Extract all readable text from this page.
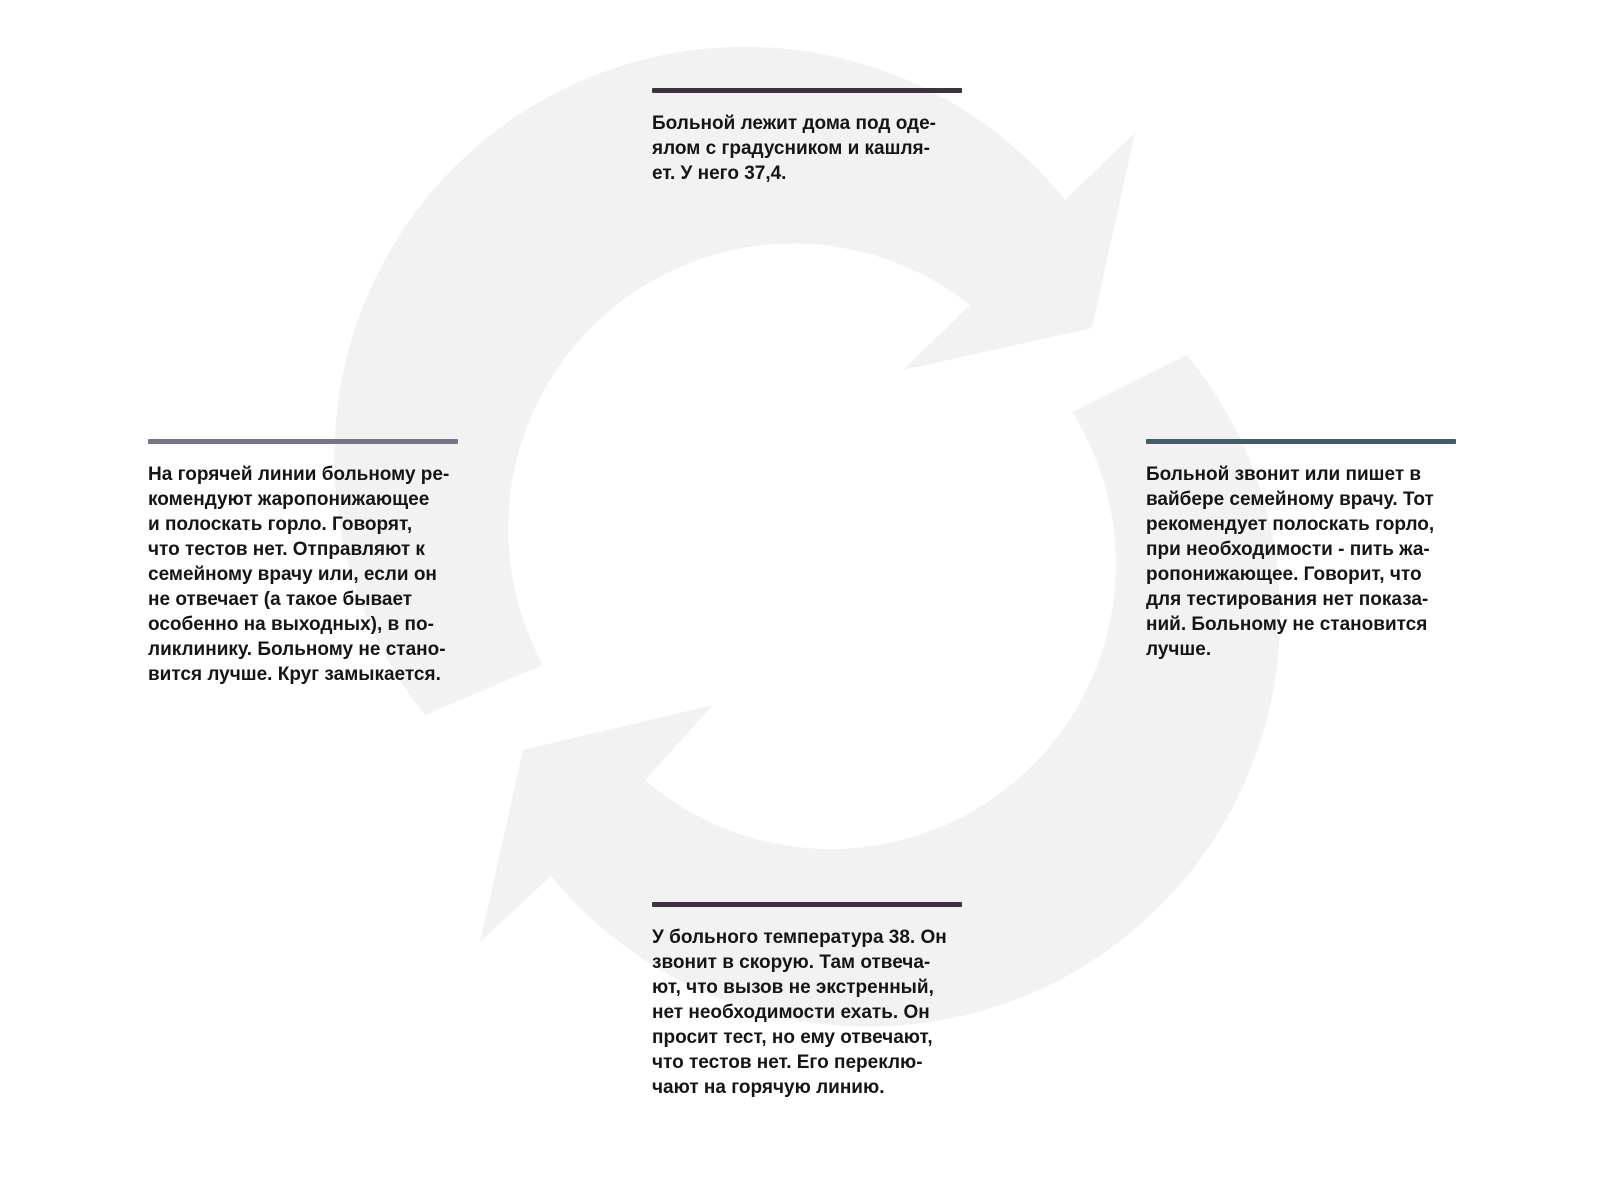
Больной лежит дома под оде-
ялом с градусником и кашля-
ет. У него 37,4.
Больной звонит или пишет в
вайбере семейному врачу. Тот
рекомендует полоскать горло,
при необходимости - пить жа-
ропонижающее. Говорит, что
для тестирования нет показа-
ний. Больному не становится
лучше.
У больного температура 38. Он
звонит в скорую. Там отвеча-
ют, что вызов не экстренный,
нет необходимости ехать. Он
просит тест, но ему отвечают,
что тестов нет. Его переклю-
чают на горячую линию.
На горячей линии больному ре-
комендуют жаропонижающее
и полоскать горло. Говорят,
что тестов нет. Отправляют к
семейному врачу или, если он
не отвечает (а такое бывает
особенно на выходных), в по-
ликлинику. Больному не стано-
вится лучше. Круг замыкается.
